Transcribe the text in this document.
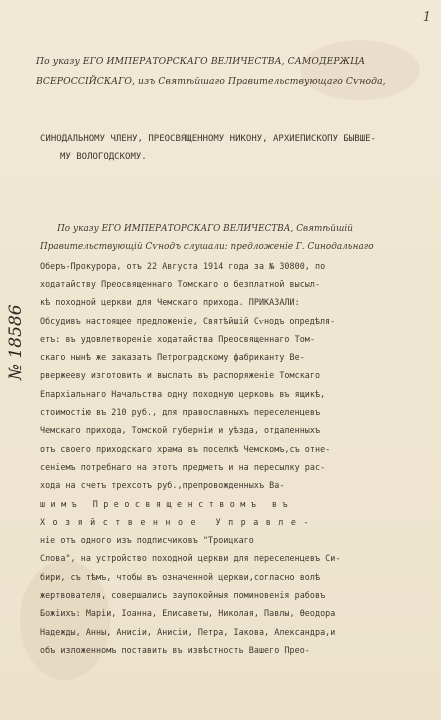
1
По указу ЕГО ИМПЕРАТОРСКАГО ВЕЛИЧЕСТВА, САМОДЕРЖЦА
ВСЕРОССІЙСКАГО, изъ Святѣйшаго Правительствующаго Сѵнода,
СИНОДАЛЬНОМУ ЧЛЕНУ, ПРЕОСВЯЩЕННОМУ НИКОНУ, АРХИЕПИСКОПУ БЫВШЕ-
МУ ВОЛОГОДСКОМУ.
№ 18586
По указу ЕГО ИМПЕРАТОРСКАГО ВЕЛИЧЕСТВА, Святѣйшій
Правительствующій Сѵнодъ слушали: предложеніе Г. Синодальнаго
Оберъ-Прокурора, отъ 22 Августа 1914 года за № 30800, по
ходатайству Преосвященнаго Томскаго о безплатной высыл-
кѣ походной церкви для Чемскаго прихода. ПРИКАЗАЛИ:
Обсудивъ настоящее предложеніе, Святѣйшій Сѵнодъ опредѣля-
етъ: въ удовлетвореніе ходатайства Преосвященнаго Том-
скаго нынѣ же заказать Петроградскому фабриканту Ве-
рвержееву изготовить и выслать въ распоряженіе Томскаго
Епархіальнаго Начальства одну походную церковь въ ящикѣ,
стоимостію въ 210 руб., для православныхъ переселенцевъ
Чемскаго прихода, Томской губерніи и уѣзда, отдаленныхъ
отъ своего приходскаго храма въ поселкѣ Чемскомъ,съ отне-
сеніемъ потребнаго на этотъ предметъ и на пересылку рас-
хода на счетъ трехсотъ руб.,препровожденныхъ Ва-
шимъ Преосвященствомъ въ
Хозяйственное Управле-
ніе отъ одного изъ подписчиковъ "Троицкаго
Слова", на устройство походной церкви для переселенцевъ Си-
бири, съ тѣмъ, чтобы въ означенной церкви,согласно волѣ
жертвователя, совершались заупокойныя поминовенія рабовъ
Божіихъ: Маріи, Іоанна, Елисаветы, Николая, Павлы, Ѳеодора
Надежды, Анны, Анисіи, Анисіи, Петра, Іакова, Александра,и
объ изложенномъ поставить въ извѣстность Вашего Прео-
